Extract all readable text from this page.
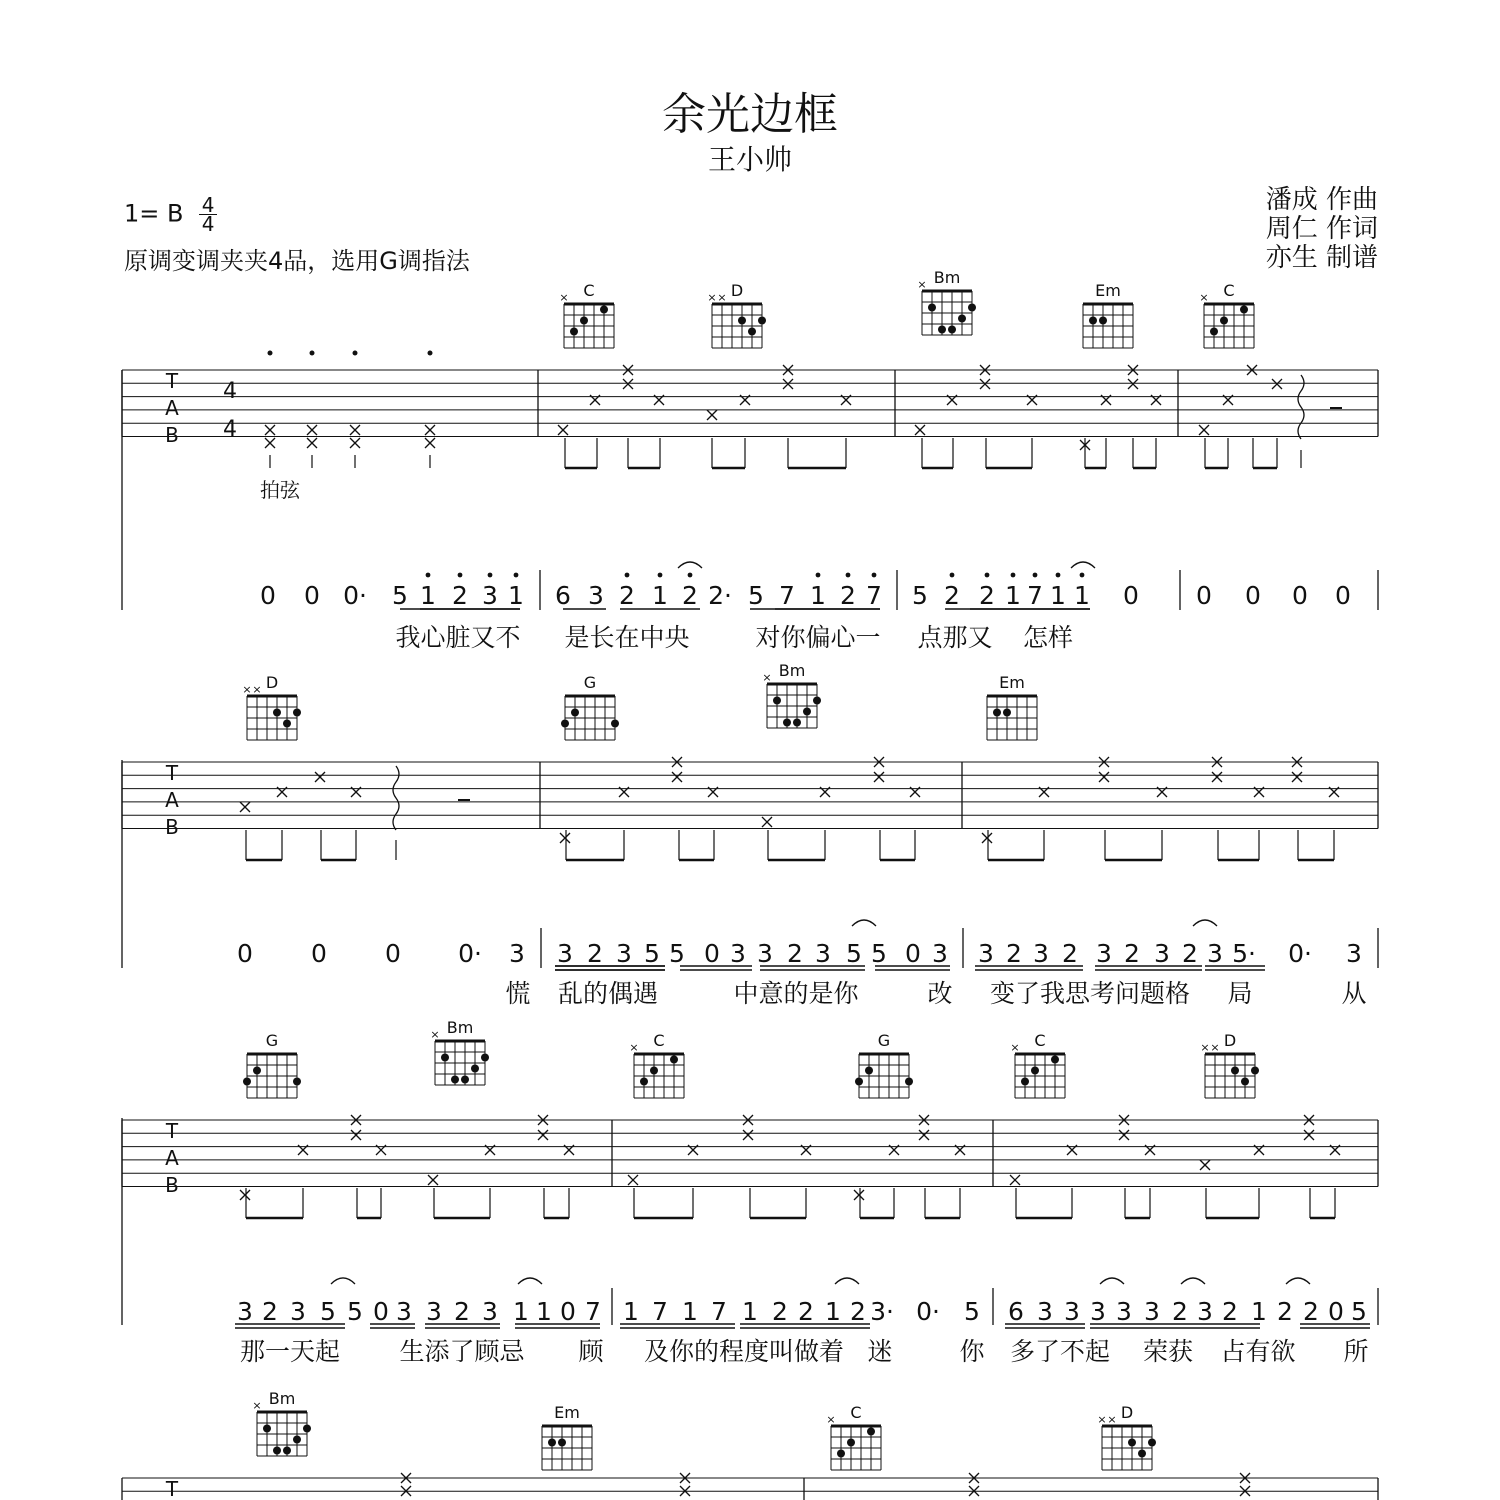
余光边框
王小帅
1= B $\frac{4}{4}$
原调变调夹夹4品，选用G调指法
潘成 作曲
周仁 作词
亦生 制谱
C
×	D
× ×
Bm
×	Em	C
×
T
A
B
4
4
拍弦
0 0 0· 5 1 2 3 1 6 3 2 1 2 2· 5 7 1 2 7 5 2 2 1 7 1 1 0 0 0 0 0
我心脏又不 是长在中央	对你偏心一 点那又 怎样
D
× ×	G
Bm
×	Em
T
A
B
0 0 0 0· 3 3 2 3 5 5 0 3 3 2 3 5 5 0 3 3 2 3 2 3 2 3 2 3 5· 0· 3
慌 乱的偶遇	中意的是你	改 变了我思考问题格 局	从
G
Bm
×	C
×	G	C
×	D
× ×
T
A
B
3 2 3 5 5 0 3 3 2 3 1 1 0 7 1 7 1 7 1 2 2 1 2 3· 0· 5 6 3 3 3 3 3 2 3 2 1 2 2 0 5
那一天起 生添了顾忌 顾 及你的程度叫做着 迷	你 多了不起 荣获 占有欲 所
Bm
×	Em	C
×	D
× ×
T
